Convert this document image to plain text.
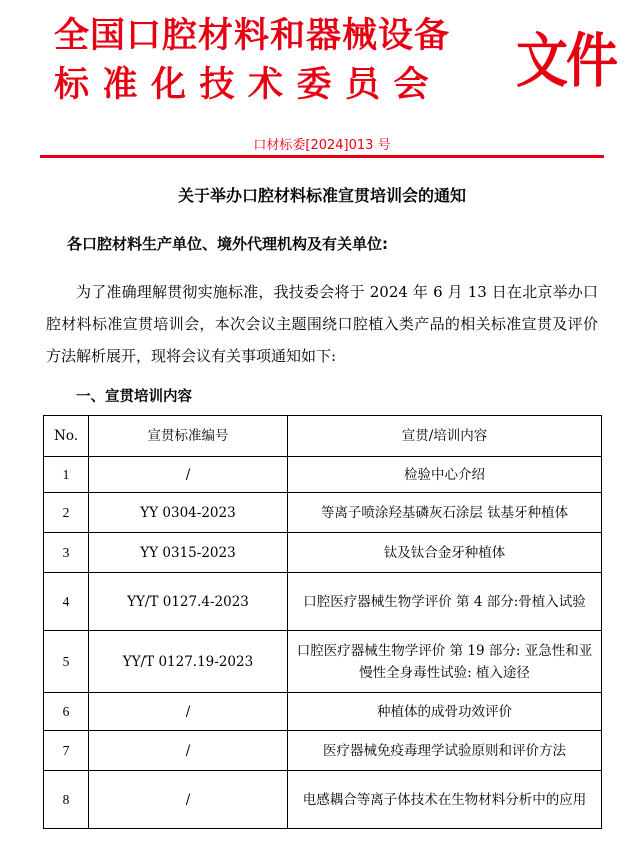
全国口腔材料和器械设备
标准化技术委员会 文件
口材标委[2024]013 号
关于举办口腔材料标准宣贯培训会的通知
各口腔材料生产单位、境外代理机构及有关单位:

为了准确理解贯彻实施标准，我技委会将于 2024 年 6 月 13 日在北京举办口腔材料标准宣贯培训会，本次会议主题围绕口腔植入类产品的相关标准宣贯及评价方法解析展开，现将会议有关事项通知如下:

一、宣贯培训内容
No.	宣贯标准编号	宣贯/培训内容
1	/	检验中心介绍
2	YY 0304-2023	等离子喷涂羟基磷灰石涂层 钛基牙种植体
3	YY 0315-2023	钛及钛合金牙种植体
4	YY/T 0127.4-2023	口腔医疗器械生物学评价 第 4 部分:骨植入试验
5	YY/T 0127.19-2023	口腔医疗器械生物学评价 第 19 部分: 亚急性和亚慢性全身毒性试验: 植入途径
6	/	种植体的成骨功效评价
7	/	医疗器械免疫毒理学试验原则和评价方法
8	/	电感耦合等离子体技术在生物材料分析中的应用
